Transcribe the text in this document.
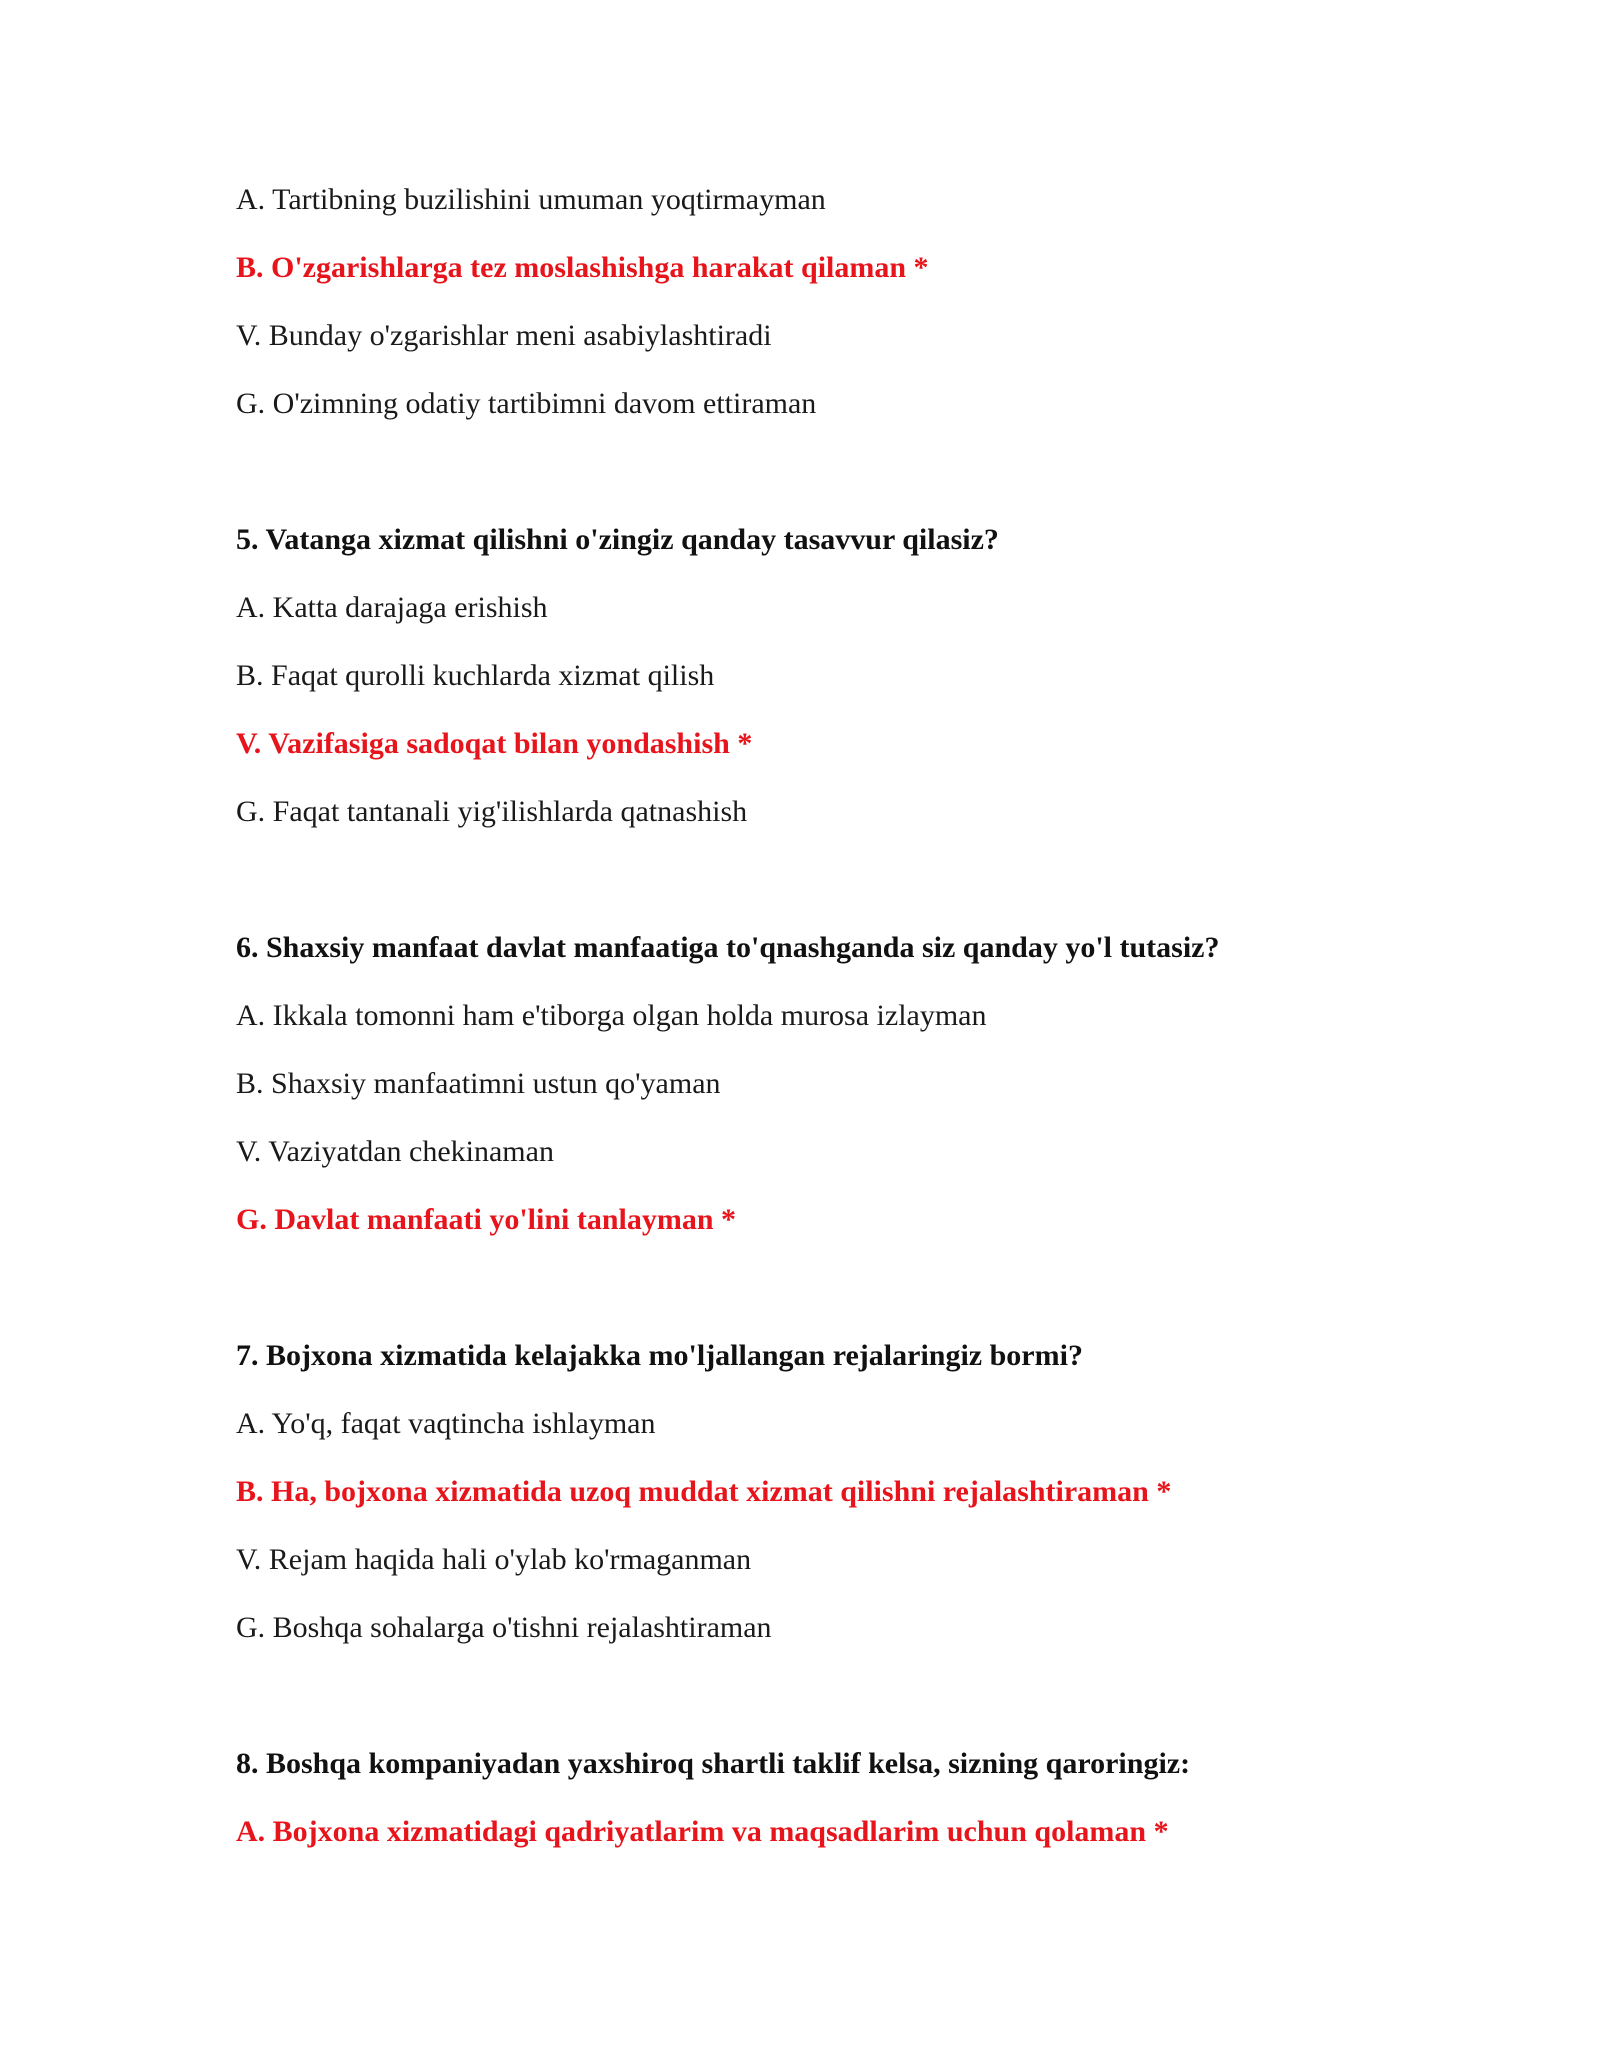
A. Tartibning buzilishini umuman yoqtirmayman
B. O'zgarishlarga tez moslashishga harakat qilaman *
V. Bunday o'zgarishlar meni asabiylashtiradi
G. O'zimning odatiy tartibimni davom ettiraman
5. Vatanga xizmat qilishni o'zingiz qanday tasavvur qilasiz?
A. Katta darajaga erishish
B. Faqat qurolli kuchlarda xizmat qilish
V. Vazifasiga sadoqat bilan yondashish *
G. Faqat tantanali yig'ilishlarda qatnashish
6. Shaxsiy manfaat davlat manfaatiga to'qnashganda siz qanday yo'l tutasiz?
A. Ikkala tomonni ham e'tiborga olgan holda murosa izlayman
B. Shaxsiy manfaatimni ustun qo'yaman
V. Vaziyatdan chekinaman
G. Davlat manfaati yo'lini tanlayman *
7. Bojxona xizmatida kelajakka mo'ljallangan rejalaringiz bormi?
A. Yo'q, faqat vaqtincha ishlayman
B. Ha, bojxona xizmatida uzoq muddat xizmat qilishni rejalashtiraman *
V. Rejam haqida hali o'ylab ko'rmaganman
G. Boshqa sohalarga o'tishni rejalashtiraman
8. Boshqa kompaniyadan yaxshiroq shartli taklif kelsa, sizning qaroringiz:
A. Bojxona xizmatidagi qadriyatlarim va maqsadlarim uchun qolaman *
